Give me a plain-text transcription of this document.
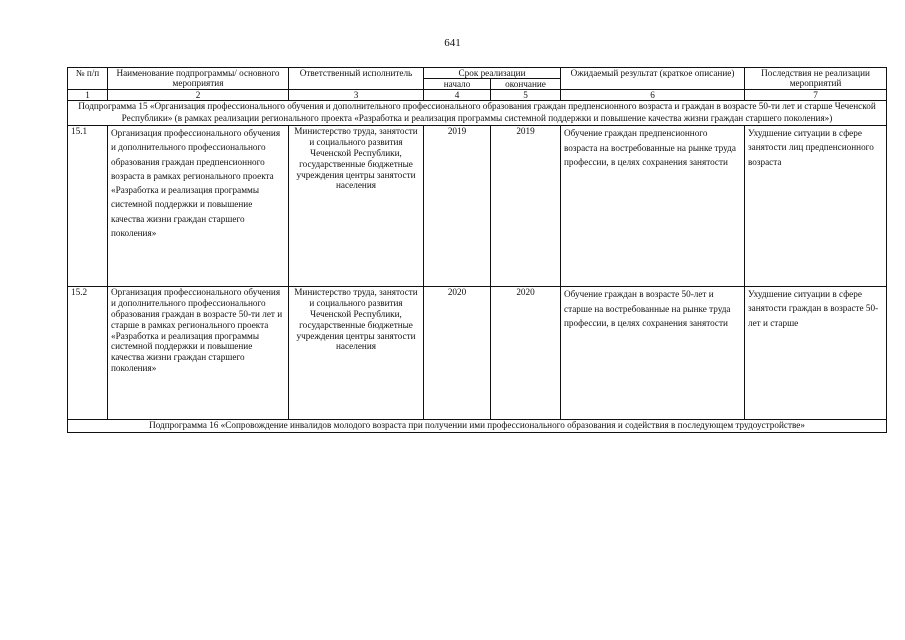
641
№ п/п	Наименование подпрограммы/ основного мероприятия	Ответственный исполнитель	Срок реализации		Ожидаемый результат (краткое описание)	Последствия не реализации мероприятий
			начало	окончание		
1	2	3	4	5	6	7
Подпрограмма 15 «Организация профессионального обучения и дополнительного профессионального образования граждан предпенсионного возраста и граждан в возрасте 50-ти лет и старше Чеченской Республики» (в рамках реализации регионального проекта «Разработка и реализация программы системной поддержки и повышение качества жизни граждан старшего поколения»)						
15.1	Организация профессионального обучения и дополнительного профессионального образования граждан предпенсионного возраста в рамках регионального проекта «Разработка и реализация программы системной поддержки и повышение качества жизни граждан старшего поколения»	Министерство труда, занятости и социального развития Чеченской Республики, государственные бюджетные учреждения центры занятости населения	2019	2019	Обучение граждан предпенсионного возраста на востребованные на рынке труда профессии, в целях сохранения занятости	Ухудшение ситуации в сфере занятости лиц предпенсионного возраста
15.2	Организация профессионального обучения и дополнительного профессионального образования граждан в возрасте 50-ти лет и старше в рамках регионального проекта «Разработка и реализация программы системной поддержки и повышение качества жизни граждан старшего поколения»	Министерство труда, занятости и социального развития Чеченской Республики, государственные бюджетные учреждения центры занятости населения	2020	2020	Обучение граждан в возрасте 50-лет и старше на востребованные на рынке труда профессии, в целях сохранения занятости	Ухудшение ситуации в сфере занятости граждан в возрасте 50-лет и старше
Подпрограмма 16 «Сопровождение инвалидов молодого возраста при получении ими профессионального образования и содействия в последующем трудоустройстве»						
